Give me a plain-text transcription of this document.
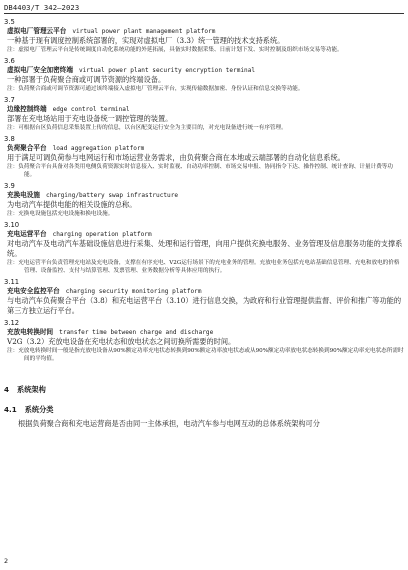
DB4403/T 342—2023
3.5
虚拟电厂管理云平台 virtual power plant management platform
一种基于现有调度控制系统部署的，实现对虚拟电厂（3.3）统一管理的技术支持系统。
注：虚拟电厂管理云平台是传统调度自动化系统功能的外延拓展，具备实时数据采集、日前计划下发、实时控制及组织市场交易等功能。
3.6
虚拟电厂安全加密终端 virtual power plant security encryption terminal
一种部署于负荷聚合商或可调节资源的终端设备。
注：负荷聚合商或可调节资源可通过该终端接入虚拟电厂管理云平台，实现传输数据加密、身份认证和信息交换等功能。
3.7
边缘控制终端 edge control terminal
部署在充电场站用于充电设备统一调控管理的装置。
注：可根据台区负荷信息采集装置上传的信息，以台区配变运行安全为主要目的，对充电设备进行统一有序管理。
3.8
负荷聚合平台 load aggregation platform
用于满足可调负荷参与电网运行和市场运营业务需求，由负荷聚合商在本地或云端部署的自动化信息系统。
注：负荷聚合平台具备对各类用电侧负荷资源实时信息接入、实时监视、自动功率控制、市场交易申报、协同指令下达、操作控制、统计查询、计量计费等功能。
3.9
充换电设施 charging/battery swap infrastructure
为电动汽车提供电能的相关设施的总称。
注：充换电设施包括充电设施和换电设施。
3.10
充电运营平台 charging operation platform
对电动汽车及电动汽车基础设施信息进行采集、处理和运行管理，向用户提供充换电服务、业务管理及信息服务功能的支撑系统。
注：充电运营平台负责管理充电站及充电设备，支撑在有序充电、V2G运行场景下的充电业务的管理。充放电业务包括充电站基础信息管理、充电和放电的价格管理、设备监控、支付与结算管理、发票管理、业务数据分析等具体应用的执行。
3.11
充电安全监控平台 charging security monitoring platform
与电动汽车负荷聚合平台（3.8）和充电运营平台（3.10）进行信息交换，为政府和行业管理提供监督、评价和推广等功能的第三方独立运行平台。
3.12
充放电转换时间 transfer time between charge and discharge
V2G（3.2）充放电设备在充电状态和放电状态之间切换所需要的时间。
注：充放电转换时间一般是指充放电设备从90%额定功率充电状态转换到90%额定功率放电状态或从90%额定功率放电状态转换到90%额定功率充电状态所需时间的平均值。
4 系统架构
4.1 系统分类
根据负荷聚合商和充电运营商是否由同一主体承担，电动汽车参与电网互动的总体系统架构可分
2
